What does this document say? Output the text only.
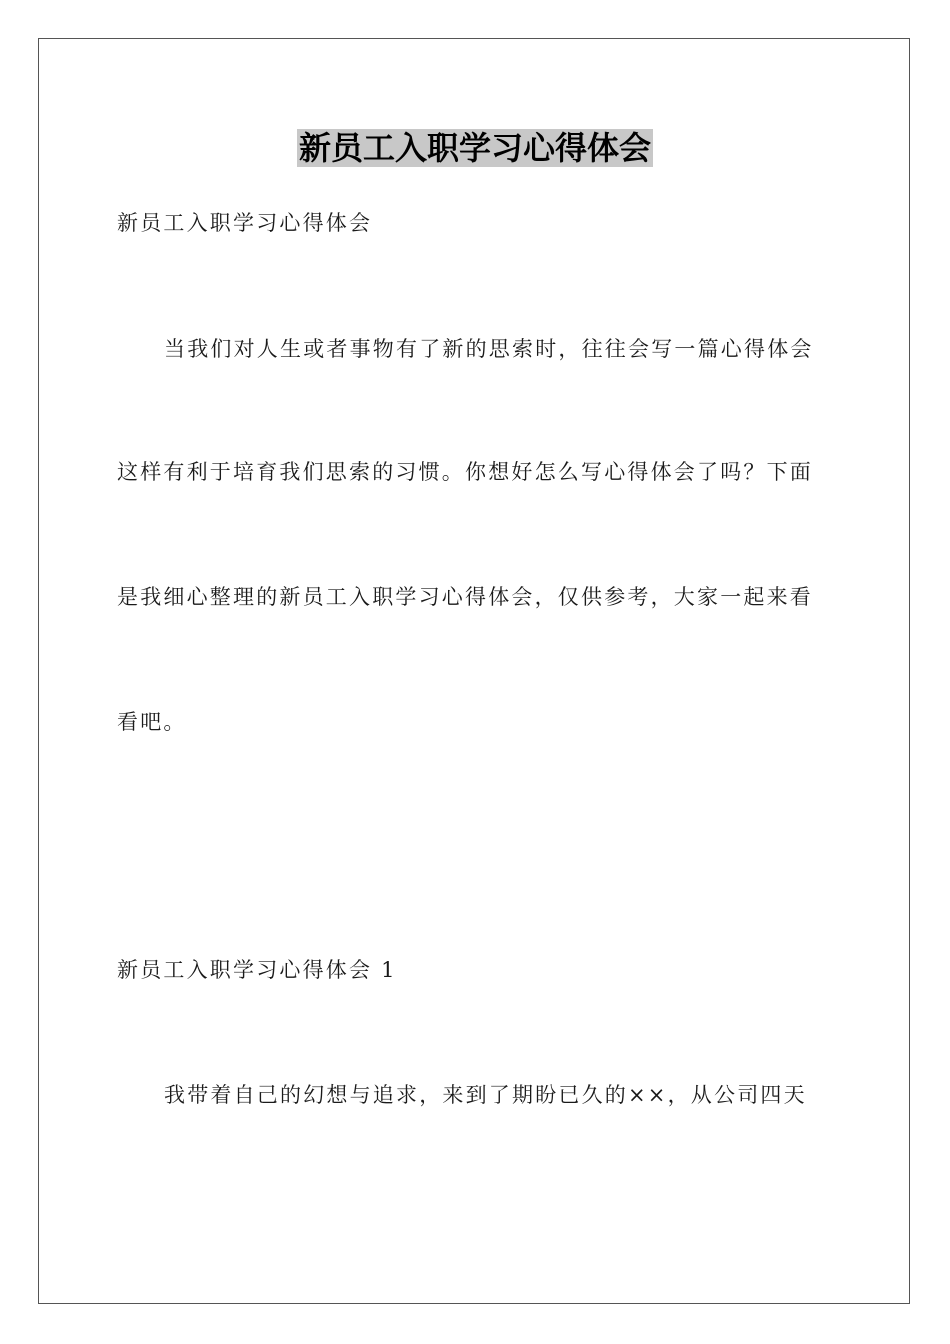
新员工入职学习心得体会
新员工入职学习心得体会
当我们对人生或者事物有了新的思索时，往往会写一篇心得体会
这样有利于培育我们思索的习惯。你想好怎么写心得体会了吗？下面
是我细心整理的新员工入职学习心得体会，仅供参考，大家一起来看
看吧。
新员工入职学习心得体会 1
我带着自己的幻想与追求，来到了期盼已久的××，从公司四天
